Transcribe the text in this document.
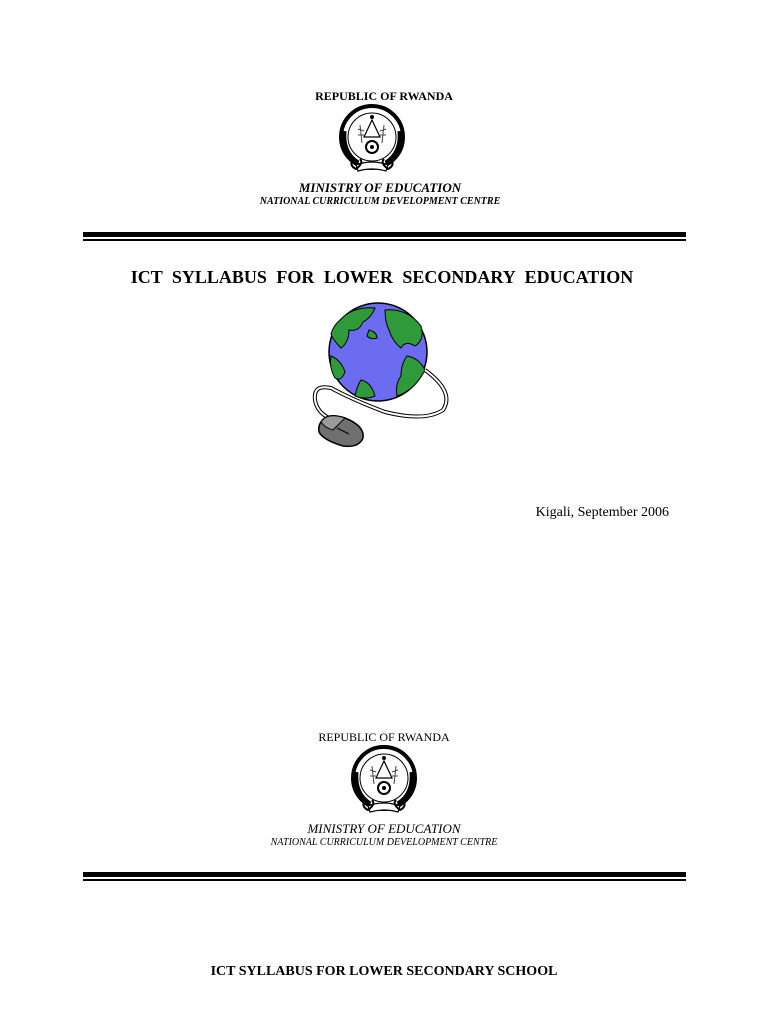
REPUBLIC OF RWANDA
MINISTRY OF EDUCATION
NATIONAL CURRICULUM DEVELOPMENT CENTRE
ICT SYLLABUS FOR LOWER SECONDARY EDUCATION
Kigali, September 2006
REPUBLIC OF RWANDA
MINISTRY OF EDUCATION
NATIONAL CURRICULUM DEVELOPMENT CENTRE
ICT SYLLABUS FOR LOWER SECONDARY SCHOOL
